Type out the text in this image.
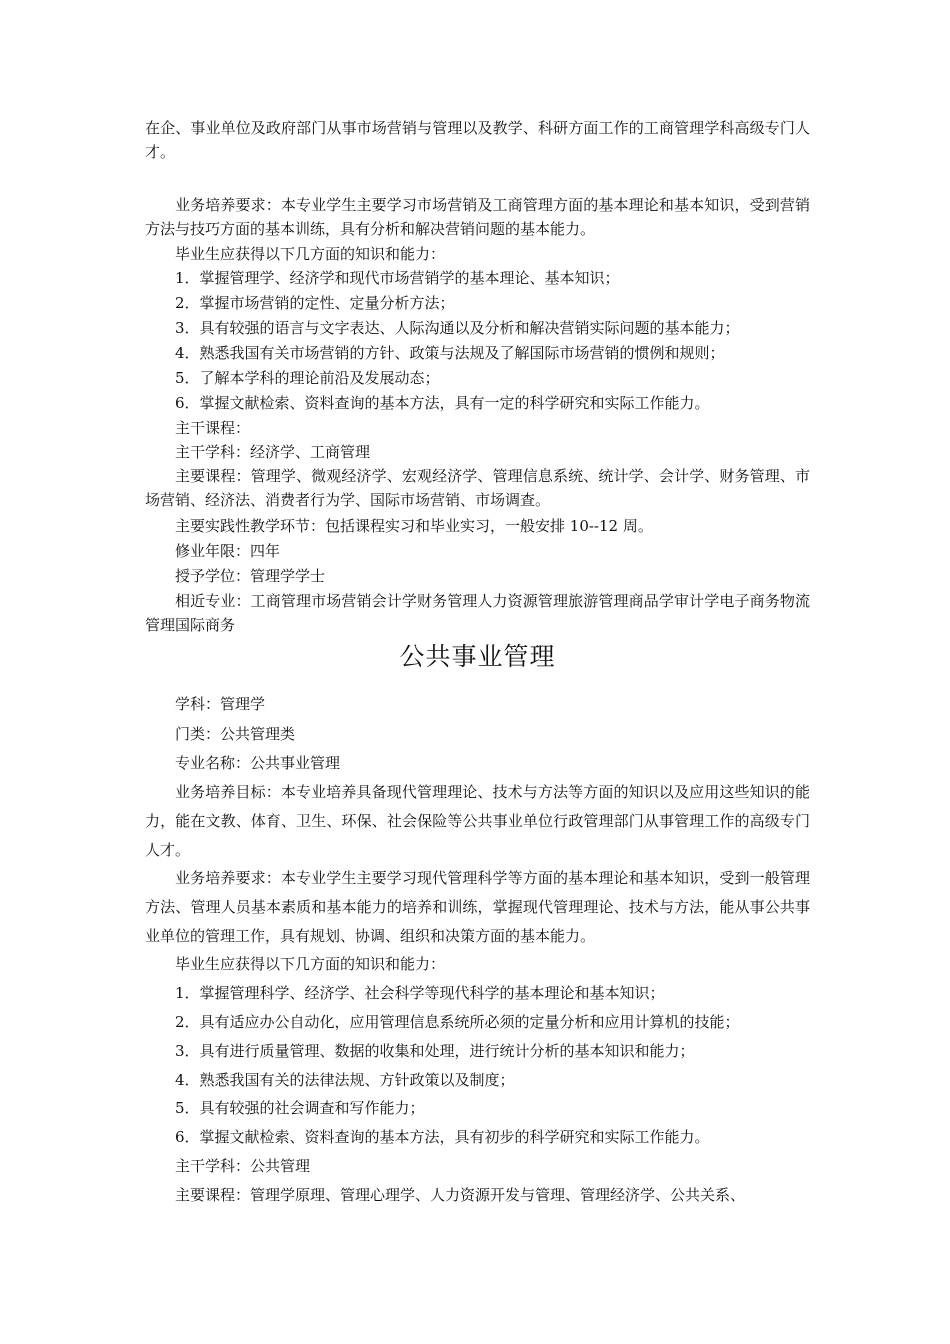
在企、事业单位及政府部门从事市场营销与管理以及教学、科研方面工作的工商管理学科高级专门人才。
业务培养要求：本专业学生主要学习市场营销及工商管理方面的基本理论和基本知识，受到营销方法与技巧方面的基本训练，具有分析和解决营销问题的基本能力。
毕业生应获得以下几方面的知识和能力：
1．掌握管理学、经济学和现代市场营销学的基本理论、基本知识；
2．掌握市场营销的定性、定量分析方法；
3．具有较强的语言与文字表达、人际沟通以及分析和解决营销实际问题的基本能力；
4．熟悉我国有关市场营销的方针、政策与法规及了解国际市场营销的惯例和规则；
5．了解本学科的理论前沿及发展动态；
6．掌握文献检索、资料查询的基本方法，具有一定的科学研究和实际工作能力。
主干课程：
主干学科：经济学、工商管理
主要课程：管理学、微观经济学、宏观经济学、管理信息系统、统计学、会计学、财务管理、市场营销、经济法、消费者行为学、国际市场营销、市场调查。
主要实践性教学环节：包括课程实习和毕业实习，一般安排 10--12 周。
修业年限：四年
授予学位：管理学学士
相近专业：工商管理市场营销会计学财务管理人力资源管理旅游管理商品学审计学电子商务物流管理国际商务
公共事业管理
学科：管理学
门类：公共管理类
专业名称：公共事业管理
业务培养目标：本专业培养具备现代管理理论、技术与方法等方面的知识以及应用这些知识的能力，能在文教、体育、卫生、环保、社会保险等公共事业单位行政管理部门从事管理工作的高级专门人才。
业务培养要求：本专业学生主要学习现代管理科学等方面的基本理论和基本知识，受到一般管理方法、管理人员基本素质和基本能力的培养和训练，掌握现代管理理论、技术与方法，能从事公共事业单位的管理工作，具有规划、协调、组织和决策方面的基本能力。
毕业生应获得以下几方面的知识和能力：
1．掌握管理科学、经济学、社会科学等现代科学的基本理论和基本知识；
2．具有适应办公自动化，应用管理信息系统所必须的定量分析和应用计算机的技能；
3．具有进行质量管理、数据的收集和处理，进行统计分析的基本知识和能力；
4．熟悉我国有关的法律法规、方针政策以及制度；
5．具有较强的社会调查和写作能力；
6．掌握文献检索、资料查询的基本方法，具有初步的科学研究和实际工作能力。
主干学科：公共管理
主要课程：管理学原理、管理心理学、人力资源开发与管理、管理经济学、公共关系、
